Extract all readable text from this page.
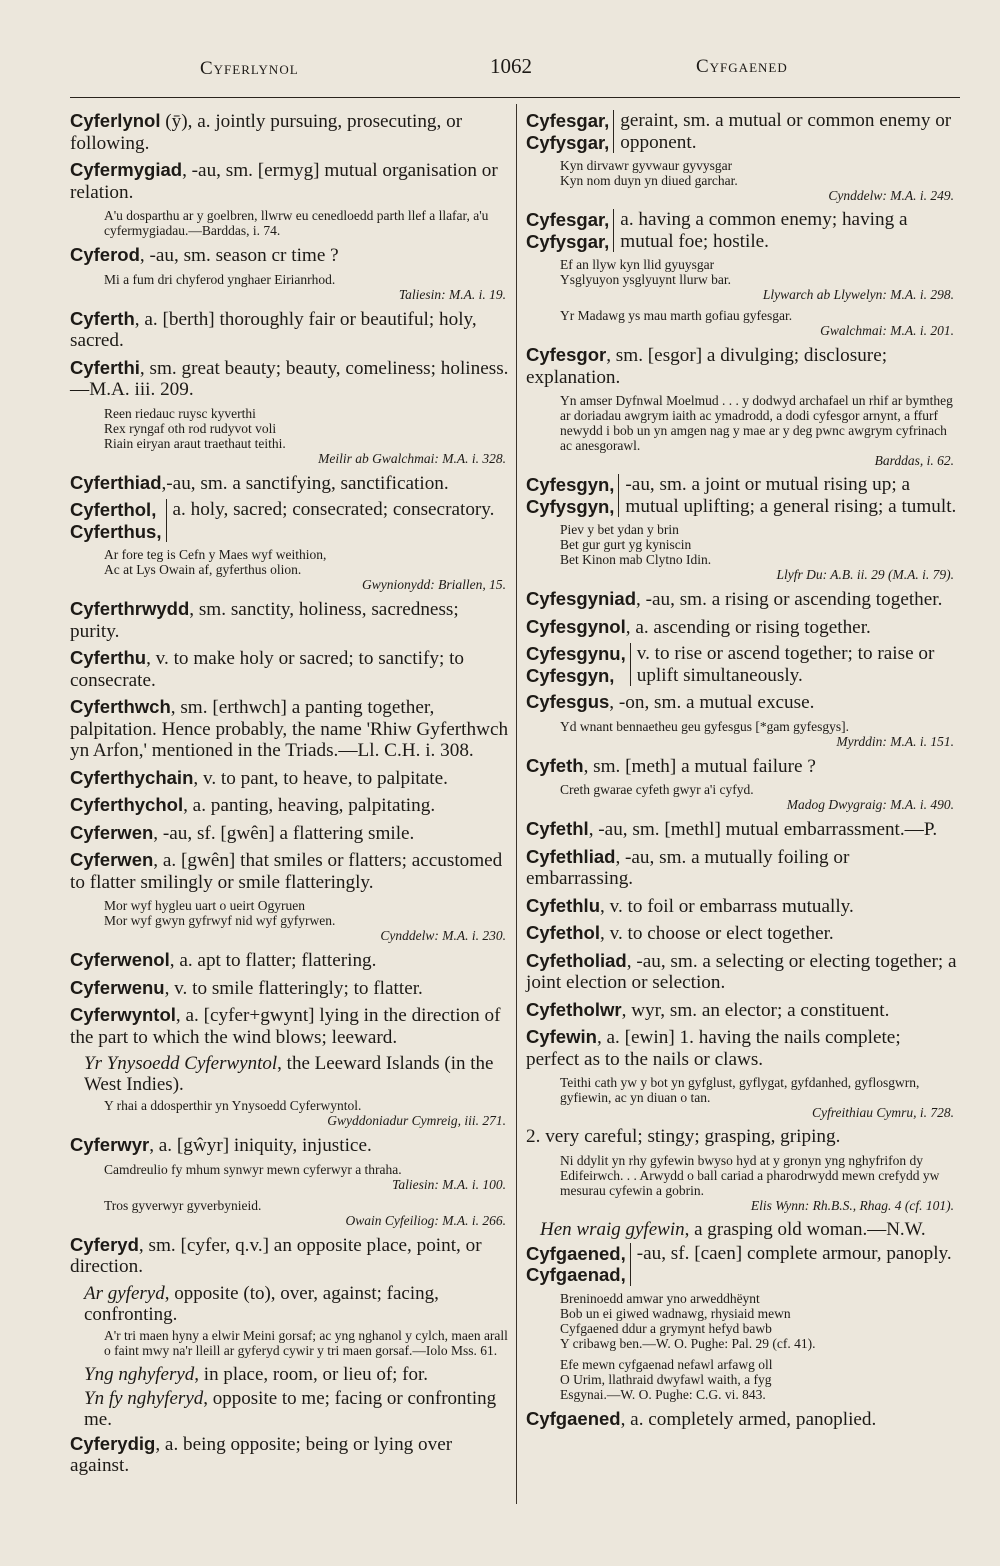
Cyferlynol	1062	Cyfgaened
Cyferlynol (ȳ), a. jointly pursuing, prosecuting, or following.
Cyfermygiad, -au, sm. [ermyg] mutual organisation or relation.
A'u dosparthu ar y goelbren, llwrw eu cenedloedd parth llef a llafar, a'u cyfermygiadau.—Barddas, i. 74.
Cyferod, -au, sm. season cr time ?
Mi a fum dri chyferod ynghaer Eirianrhod.
Taliesin: M.A. i. 19.
Cyferth, a. [berth] thoroughly fair or beautiful; holy, sacred.
Cyferthi, sm. great beauty; beauty, comeliness; holiness.—M.A. iii. 209.
Reen riedauc ruysc kyverthi
Rex ryngaf oth rod rudyvot voli
Riain eiryan araut traethaut teithi.
Meilir ab Gwalchmai: M.A. i. 328.
Cyferthiad,-au, sm. a sanctifying, sanctification.
Cyferthol,
Cyferthus,
a. holy, sacred; consecrated; consecratory.
Ar fore teg is Cefn y Maes wyf weithion,
Ac at Lys Owain af, gyferthus olion.
Gwynionydd: Briallen, 15.
Cyferthrwydd, sm. sanctity, holiness, sacredness; purity.
Cyferthu, v. to make holy or sacred; to sanctify; to consecrate.
Cyferthwch, sm. [erthwch] a panting together, palpitation. Hence probably, the name 'Rhiw Gyferthwch yn Arfon,' mentioned in the Triads.—Ll. C.H. i. 308.
Cyferthychain, v. to pant, to heave, to palpitate.
Cyferthychol, a. panting, heaving, palpitating.
Cyferwen, -au, sf. [gwên] a flattering smile.
Cyferwen, a. [gwên] that smiles or flatters; accustomed to flatter smilingly or smile flatteringly.
Mor wyf hygleu uart o ueirt Ogyruen
Mor wyf gwyn gyfrwyf nid wyf gyfyrwen.
Cynddelw: M.A. i. 230.
Cyferwenol, a. apt to flatter; flattering.
Cyferwenu, v. to smile flatteringly; to flatter.
Cyferwyntol, a. [cyfer+gwynt] lying in the direction of the part to which the wind blows; leeward.
Yr Ynysoedd Cyferwyntol, the Leeward Islands (in the West Indies).
Y rhai a ddosperthir yn Ynysoedd Cyferwyntol.
Gwyddoniadur Cymreig, iii. 271.
Cyferwyr, a. [gŵyr] iniquity, injustice.
Camdreulio fy mhum synwyr mewn cyferwyr a thraha.
Taliesin: M.A. i. 100.
Tros gyverwyr gyverbynieid.
Owain Cyfeiliog: M.A. i. 266.
Cyferyd, sm. [cyfer, q.v.] an opposite place, point, or direction.
Ar gyferyd, opposite (to), over, against; facing, confronting.
A'r tri maen hyny a elwir Meini gorsaf; ac yng nghanol y cylch, maen arall o faint mwy na'r lleill ar gyferyd cywir y tri maen gorsaf.—Iolo Mss. 61.
Yng nghyferyd, in place, room, or lieu of; for.
Yn fy nghyferyd, opposite to me; facing or confronting me.
Cyferydig, a. being opposite; being or lying over against.
Cyfesgar,
Cyfysgar,
geraint, sm. a mutual or common enemy or opponent.
Kyn dirvawr gyvwaur gyvysgar
Kyn nom duyn yn diued garchar.
Cynddelw: M.A. i. 249.
Cyfesgar,
Cyfysgar,
a. having a common enemy; having a mutual foe; hostile.
Ef an llyw kyn llid gyuysgar
Ysglyuyon ysglyuynt llurw bar.
Llywarch ab Llywelyn: M.A. i. 298.
Yr Madawg ys mau marth gofiau gyfesgar.
Gwalchmai: M.A. i. 201.
Cyfesgor, sm. [esgor] a divulging; disclosure; explanation.
Yn amser Dyfnwal Moelmud . . . y dodwyd archafael un rhif ar bymtheg ar doriadau awgrym iaith ac ymadrodd, a dodi cyfesgor arnynt, a ffurf newydd i bob un yn amgen nag y mae ar y deg pwnc awgrym cyfrinach ac anesgorawl.
Barddas, i. 62.
Cyfesgyn,
Cyfysgyn,
-au, sm. a joint or mutual rising up; a mutual uplifting; a general rising; a tumult.
Piev y bet ydan y brin
Bet gur gurt yg kyniscin
Bet Kinon mab Clytno Idin.
Llyfr Du: A.B. ii. 29 (M.A. i. 79).
Cyfesgyniad, -au, sm. a rising or ascending together.
Cyfesgynol, a. ascending or rising together.
Cyfesgynu,
Cyfesgyn,
v. to rise or ascend together; to raise or uplift simultaneously.
Cyfesgus, -on, sm. a mutual excuse.
Yd wnant bennaetheu geu gyfesgus [*gam gyfesgys].
Myrddin: M.A. i. 151.
Cyfeth, sm. [meth] a mutual failure ?
Creth gwarae cyfeth gwyr a'i cyfyd.
Madog Dwygraig: M.A. i. 490.
Cyfethl, -au, sm. [methl] mutual embarrassment.—P.
Cyfethliad, -au, sm. a mutually foiling or embarrassing.
Cyfethlu, v. to foil or embarrass mutually.
Cyfethol, v. to choose or elect together.
Cyfetholiad, -au, sm. a selecting or electing together; a joint election or selection.
Cyfetholwr, wyr, sm. an elector; a constituent.
Cyfewin, a. [ewin] 1. having the nails complete; perfect as to the nails or claws.
Teithi cath yw y bot yn gyfglust, gyflygat, gyfdanhed, gyflosgwrn, gyfiewin, ac yn diuan o tan.
Cyfreithiau Cymru, i. 728.
2. very careful; stingy; grasping, griping.
Ni ddylit yn rhy gyfewin bwyso hyd at y gronyn yng nghyfrifon dy Edifeirwch. . . Arwydd o ball cariad a pharodrwydd mewn crefydd yw mesurau cyfewin a gobrin.
Elis Wynn: Rh.B.S., Rhag. 4 (cf. 101).
Hen wraig gyfewin, a grasping old woman.—N.W.
Cyfgaened,
Cyfgaenad,
-au, sf. [caen] complete armour, panoply.
Breninoedd amwar yno arweddhëynt
Bob un ei giwed wadnawg, rhysiaid mewn
Cyfgaened ddur a grymynt hefyd bawb
Y cribawg ben.—W. O. Pughe: Pal. 29 (cf. 41).
Efe mewn cyfgaenad nefawl arfawg oll
O Urim, llathraid dwyfawl waith, a fyg
Esgynai.—W. O. Pughe: C.G. vi. 843.
Cyfgaened, a. completely armed, panoplied.
